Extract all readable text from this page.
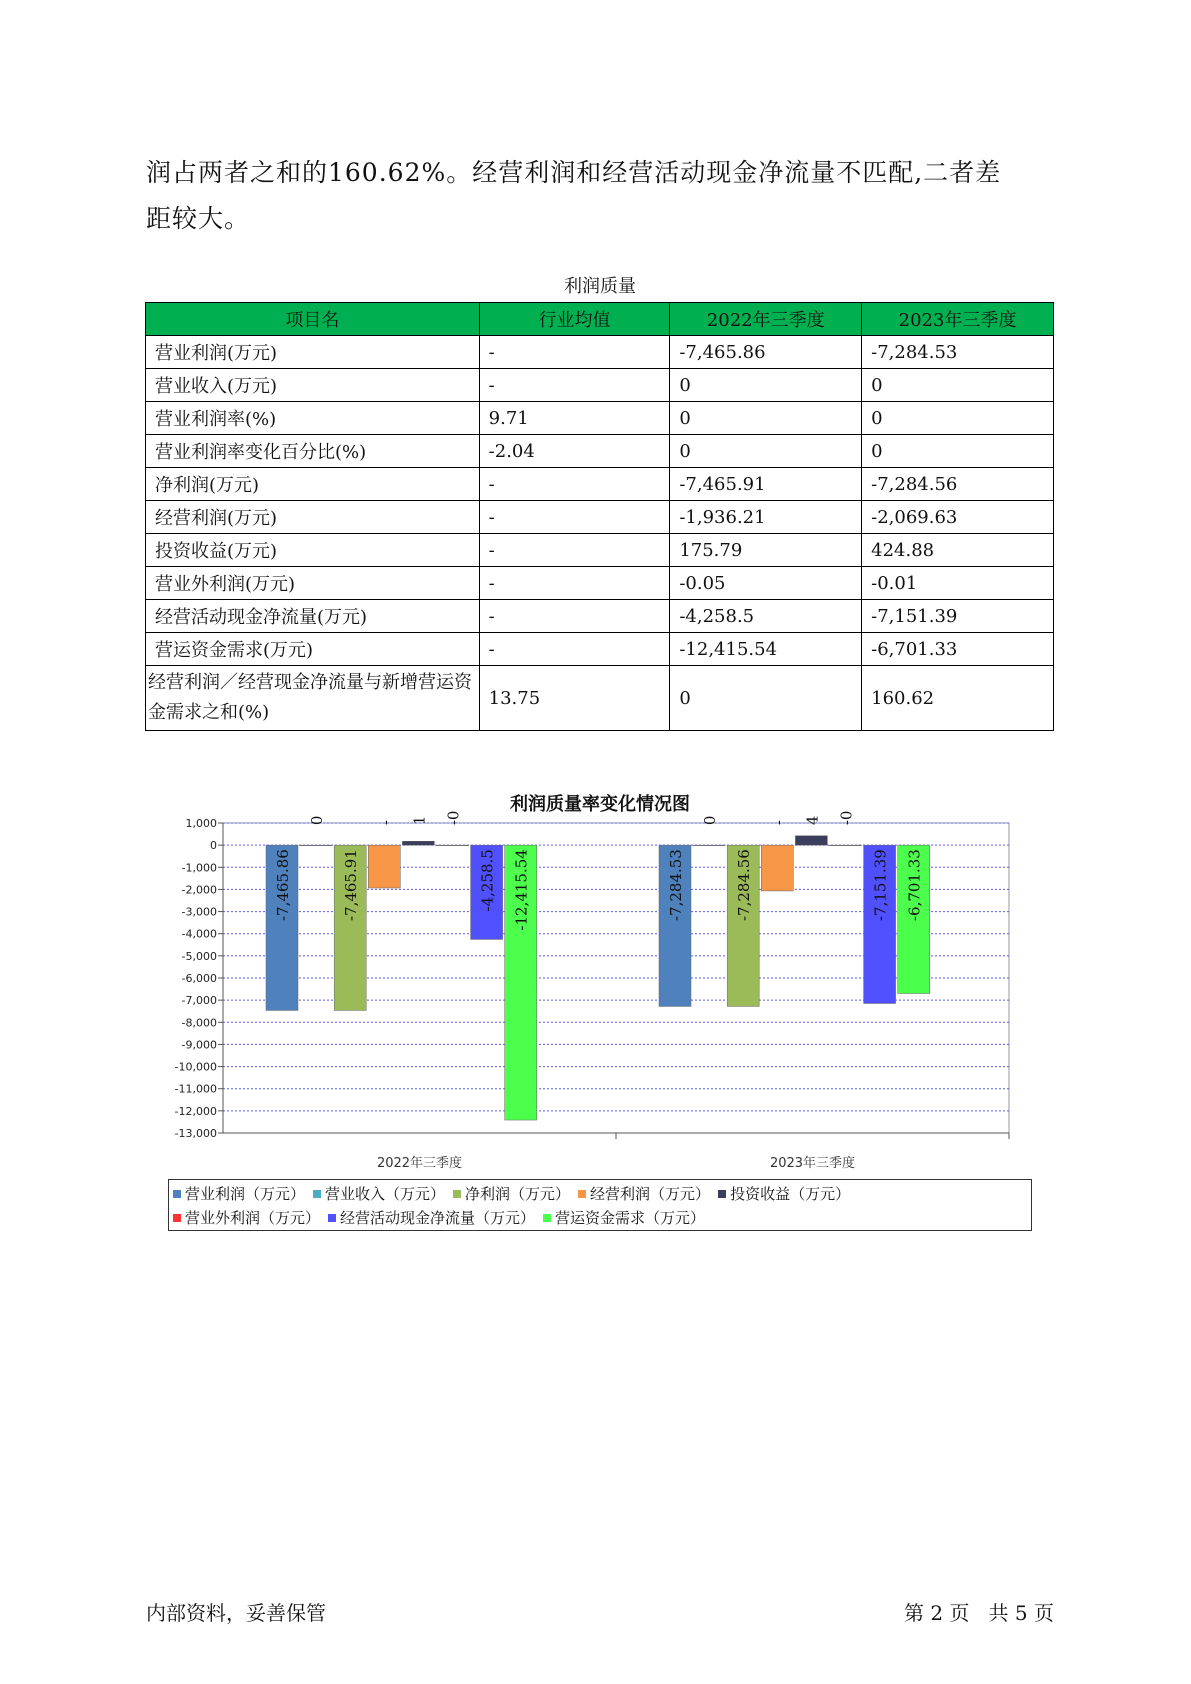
润占两者之和的160.62%。经营利润和经营活动现金净流量不匹配,二者差
距较大。

利润质量
项目名	行业均值	2022年三季度	2023年三季度
营业利润(万元)	-	-7,465.86	-7,284.53
营业收入(万元)	-	0	0
营业利润率(%)	9.71	0	0
营业利润率变化百分比(%)	-2.04	0	0
净利润(万元)	-	-7,465.91	-7,284.56
经营利润(万元)	-	-1,936.21	-2,069.63
投资收益(万元)	-	175.79	424.88
营业外利润(万元)	-	-0.05	-0.01
经营活动现金净流量(万元)	-	-4,258.5	-7,151.39
营运资金需求(万元)	-	-12,415.54	-6,701.33
经营利润／经营现金净流量与新增营运资金需求之和(%)	13.75	0	160.62
利润质量率变化情况图
1,000
0
-1,000
-2,000
-3,000
-4,000
-5,000
-6,000
-7,000
-8,000
-9,000
-10,000
-11,000
-12,000
-13,000
2022年三季度
-7,465.86
0
-7,465.91
- 1 -0
-4,258.5 -12,415.54
2023年三季度
-7,284.53
0
-7,284.56
- 4 -0
-7,151.39 -6,701.33
营业利润（万元） 营业收入（万元） 净利润（万元） 经营利润（万元） 投资收益（万元）
营业外利润（万元） 经营活动现金净流量（万元） 营运资金需求（万元）
内部资料，妥善保管	第 2 页 共 5 页
